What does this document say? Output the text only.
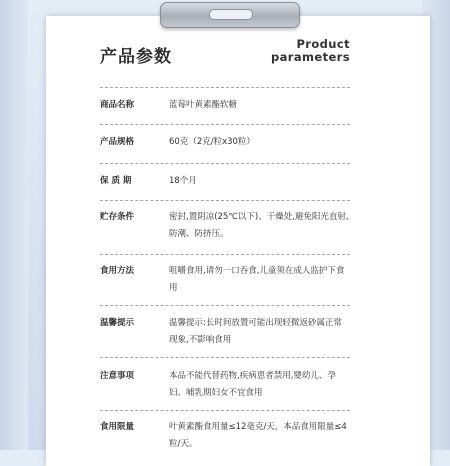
产品参数
Product
parameters
商品名称	蓝莓叶黄素酯软糖
产品规格	60克（2克/粒x30粒）
保 质 期	18个月
贮存条件	密封,置阴凉(25℃以下)、干燥处,避免阳光直射,防潮、防挤压。
食用方法	咀嚼食用,请勿一口吞食,儿童须在成人监护下食用
温馨提示	温馨提示:长时间放置可能出现轻微返砂属正常现象,不影响食用
注意事项	本品不能代替药物,疾病患者禁用,婴幼儿、孕妇、哺乳期妇女不宜食用
食用限量	叶黄素酯食用量≤12毫克/天，本品食用限量≤4粒/天。
